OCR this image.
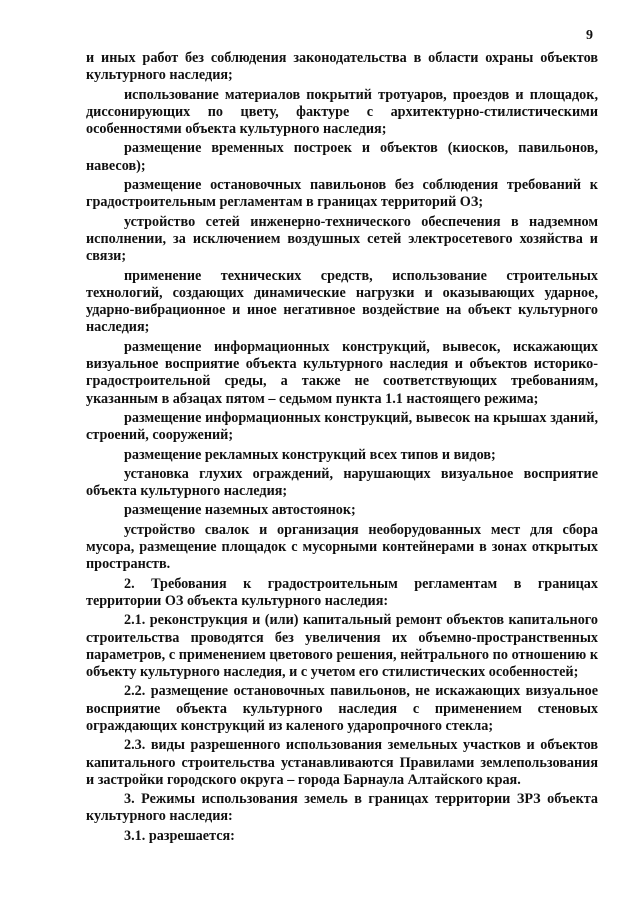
9

и иных работ без соблюдения законодательства в области охраны объектов культурного наследия;

использование материалов покрытий тротуаров, проездов и площадок, диссонирующих по цвету, фактуре с архитектурно-стилистическими особенностями объекта культурного наследия;

размещение временных построек и объектов (киосков, павильонов, навесов);

размещение остановочных павильонов без соблюдения требований к градостроительным регламентам в границах территорий ОЗ;

устройство сетей инженерно-технического обеспечения в надземном исполнении, за исключением воздушных сетей электросетевого хозяйства и связи;

применение технических средств, использование строительных технологий, создающих динамические нагрузки и оказывающих ударное, ударно-вибрационное и иное негативное воздействие на объект культурного наследия;

размещение информационных конструкций, вывесок, искажающих визуальное восприятие объекта культурного наследия и объектов историко-градостроительной среды, а также не соответствующих требованиям, указанным в абзацах пятом – седьмом пункта 1.1 настоящего режима;

размещение информационных конструкций, вывесок на крышах зданий, строений, сооружений;

размещение рекламных конструкций всех типов и видов;

установка глухих ограждений, нарушающих визуальное восприятие объекта культурного наследия;

размещение наземных автостоянок;

устройство свалок и организация необорудованных мест для сбора мусора, размещение площадок с мусорными контейнерами в зонах открытых пространств.

2. Требования к градостроительным регламентам в границах территории ОЗ объекта культурного наследия:

2.1. реконструкция и (или) капитальный ремонт объектов капитального строительства проводятся без увеличения их объемно-пространственных параметров, с применением цветового решения, нейтрального по отношению к объекту культурного наследия, и с учетом его стилистических особенностей;

2.2. размещение остановочных павильонов, не искажающих визуальное восприятие объекта культурного наследия с применением стеновых ограждающих конструкций из каленого ударопрочного стекла;

2.3. виды разрешенного использования земельных участков и объектов капитального строительства устанавливаются Правилами землепользования и застройки городского округа – города Барнаула Алтайского края.

3. Режимы использования земель в границах территории ЗРЗ объекта культурного наследия:

3.1. разрешается:
